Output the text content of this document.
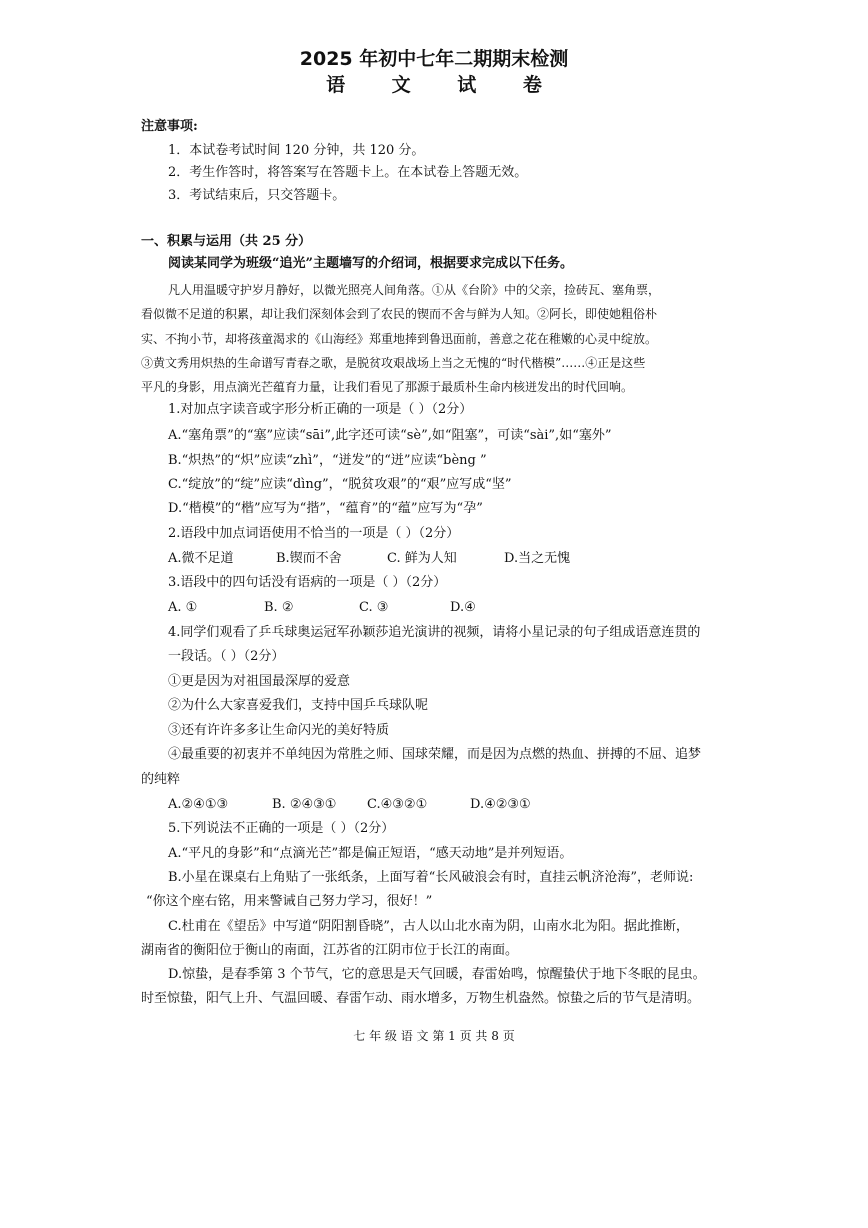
2025 年初中七年二期期末检测
语 文 试 卷
注意事项:
1．本试卷考试时间 120 分钟，共 120 分。
2．考生作答时，将答案写在答题卡上。在本试卷上答题无效。
3．考试结束后，只交答题卡。
一、积累与运用（共 25 分）
阅读某同学为班级“追光”主题墙写的介绍词，根据要求完成以下任务。
凡人用温暖守护岁月静好，以微光照亮人间角落。①从《台阶》中的父亲，捡砖瓦、塞角票，
看似微不足道的积累，却让我们深刻体会到了农民的锲而不舍与鲜为人知。②阿长，即使她粗俗朴
实、不拘小节，却将孩童渴求的《山海经》郑重地捧到鲁迅面前，善意之花在稚嫩的心灵中绽放。
③黄文秀用炽热的生命谱写青春之歌，是脱贫攻艰战场上当之无愧的“时代楷模”……④正是这些
平凡的身影，用点滴光芒蕴育力量，让我们看见了那源于最质朴生命内核迸发出的时代回响。
1.对加点字读音或字形分析正确的一项是（ ）（2分）
A.“塞角票”的“塞”应读“sāi”,此字还可读“sè”,如“阻塞”，可读“sài”,如“塞外”
B.“炽热”的“炽”应读“zhì”，“迸发”的“迸”应读“bèng ”
C.“绽放”的“绽”应读“dìng”，“脱贫攻艰”的“艰”应写成“坚”
D.“楷模”的“楷”应写为“揩”，“蕴育”的“蕴”应写为“孕”
2.语段中加点词语使用不恰当的一项是（ ）（2分）
A.微不足道	B.锲而不舍	C. 鲜为人知	D.当之无愧
3.语段中的四句话没有语病的一项是（ ）（2分）
A. ①	B. ②	C. ③	D.④
4.同学们观看了乒乓球奥运冠军孙颖莎追光演讲的视频，请将小星记录的句子组成语意连贯的
一段话。（ ）（2分）
①更是因为对祖国最深厚的爱意
②为什么大家喜爱我们，支持中国乒乓球队呢
③还有许许多多让生命闪光的美好特质
④最重要的初衷并不单纯因为常胜之师、国球荣耀，而是因为点燃的热血、拼搏的不屈、追梦
的纯粹
A.②④①③	B. ②④③① C.④③②①	D.④②③①
5.下列说法不正确的一项是（ ）（2分）
A.“平凡的身影”和“点滴光芒”都是偏正短语，“感天动地”是并列短语。
B.小星在课桌右上角贴了一张纸条，上面写着“长风破浪会有时，直挂云帆济沧海”，老师说:
“你这个座右铭，用来警诫自己努力学习，很好！”
C.杜甫在《望岳》中写道“阴阳割昏晓”，古人以山北水南为阴，山南水北为阳。据此推断，
湖南省的衡阳位于衡山的南面，江苏省的江阴市位于长江的南面。
D.惊蛰，是春季第 3 个节气，它的意思是天气回暖，春雷始鸣，惊醒蛰伏于地下冬眠的昆虫。
时至惊蛰，阳气上升、气温回暖、春雷乍动、雨水增多，万物生机盎然。惊蛰之后的节气是清明。
七 年 级 语 文 第 1 页 共 8 页
